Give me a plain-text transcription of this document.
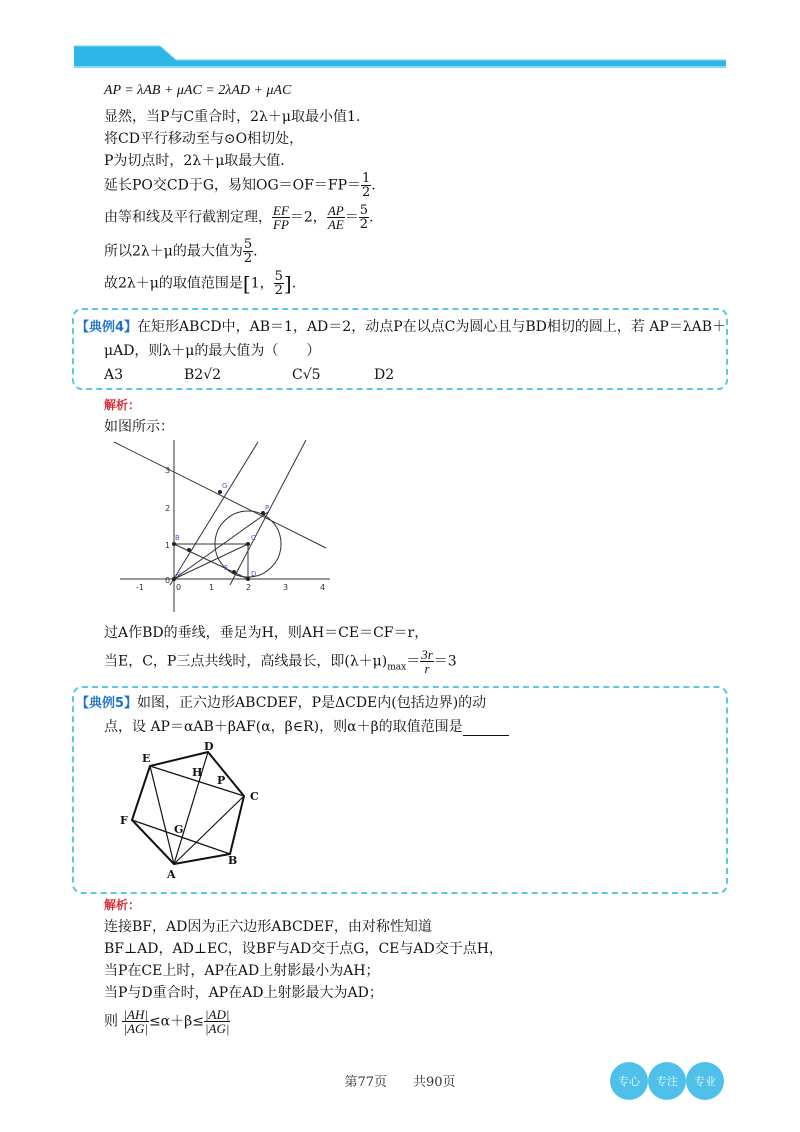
AP = λAB + μAC = 2λAD + μAC
显然，当P与C重合时，2λ＋μ取最小值1.
将CD平行移动至与⊙O相切处，
P为切点时，2λ＋μ取最大值.
延长PO交CD于G，易知$OG=OF=FP= \frac{1}{2}$ .
由等和线及平行截割定理， $\frac{EF}{FP} =2$， $\frac{AP}{AE} = \frac{5}{2}$ .
所以2λ＋μ的最大值为 $\frac{5}{2}$ .
故2λ＋μ的取值范围是[1， $\frac{5}{2}$ ].
【典例4】在矩形ABCD中，AB＝1，AD＝2，动点P在以点C为圆心且与BD相切的圆上，若 AP＝λAB＋
μAD，则λ＋μ的最大值为（　　）
A3	B2√2	C√5	D2
解析：
如图所示：
3
2
1
0
-1	0	1	2	3	4
G
P
B	C
E
A	D
过A作BD的垂线，垂足为H，则AH＝CE＝CF＝r，
当E，C，P三点共线时，高线最长，即$(\lambda+\mu)_{max}= \frac{3r}{r} =3$
【典例5】如图，正六边形ABCDEF，P是ΔCDE内(包括边界)的动
点，设 AP＝αAB＋βAF(α，β∈R)，则α＋β的取值范围是
A
B
C
D
E
F
G
H
P
解析：
连接BF，AD因为正六边形ABCDEF，由对称性知道
BF⊥AD，AD⊥EC，设BF与AD交于点G，CE与AD交于点H，
当P在CE上时，AP在AD上射影最小为AH；
当P与D重合时，AP在AD上射影最大为AD；
则 $\frac{|AH|}{|AG|} \le\alpha+\beta\le \frac{|AD|}{|AG|}$
第77页　　共90页	专心	专注	专业
